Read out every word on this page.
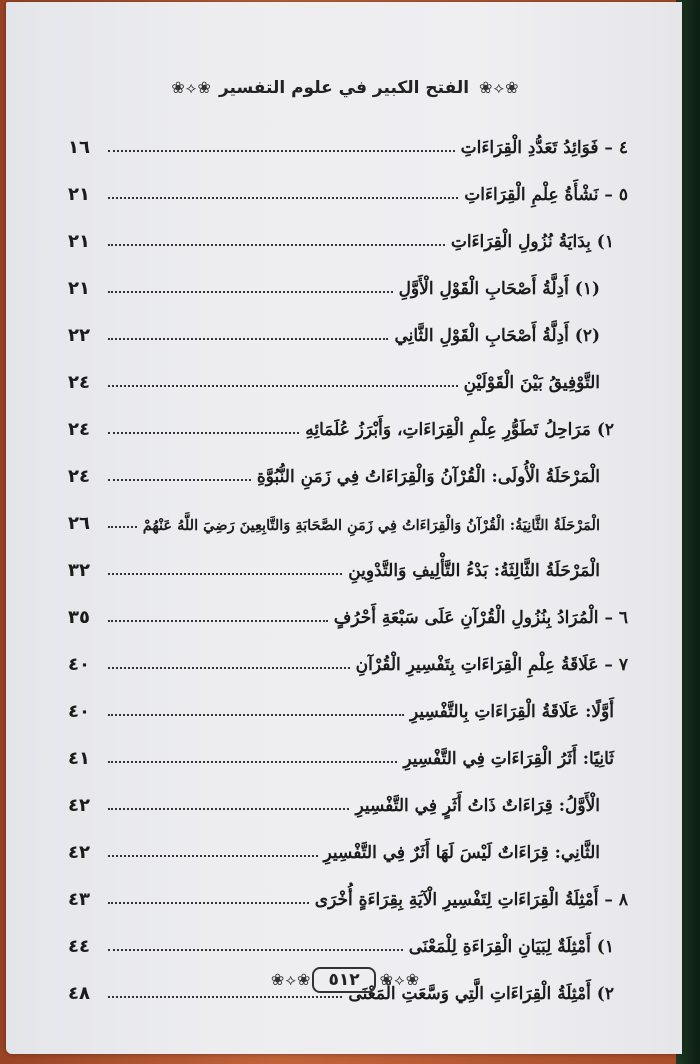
❀ ⟡ ❀
الفتح الكبير في علوم التفسير
❀ ⟡ ❀
٤ – فَوَائِدُ تَعَدُّدِ الْقِرَاءَاتِ
١٦
٥ – نَشْأَةُ عِلْمِ الْقِرَاءَاتِ
٢١
١) بِدَايَةُ نُزُولِ الْقِرَاءَاتِ
٢١
(١) أَدِلَّةُ أَصْحَابِ الْقَوْلِ الْأَوَّلِ
٢١
(٢) أَدِلَّةُ أَصْحَابِ الْقَوْلِ الثَّانِي
٢٢
التَّوْفِيقُ بَيْنَ الْقَوْلَيْنِ
٢٤
٢) مَرَاحِلُ تَطَوُّرِ عِلْمِ الْقِرَاءَاتِ، وَأَبْرَزُ عُلَمَائِهِ
٢٤
الْمَرْحَلَةُ الْأُولَى: الْقُرْآنُ وَالْقِرَاءَاتُ فِي زَمَنِ النُّبُوَّةِ
٢٤
الْمَرْحَلَةُ الثَّانِيَةُ: الْقُرْآنُ وَالْقِرَاءَاتُ فِي زَمَنِ الصَّحَابَةِ وَالتَّابِعِينَ رَضِيَ اللَّهُ عَنْهُمْ
٢٦
الْمَرْحَلَةُ الثَّالِثَةُ: بَدْءُ التَّأْلِيفِ وَالتَّدْوِينِ
٣٢
٦ – الْمُرَادُ بِنُزُولِ الْقُرْآنِ عَلَى سَبْعَةِ أَحْرُفٍ
٣٥
٧ – عَلَاقَةُ عِلْمِ الْقِرَاءَاتِ بِتَفْسِيرِ الْقُرْآنِ
٤٠
أَوَّلًا: عَلَاقَةُ الْقِرَاءَاتِ بِالتَّفْسِيرِ
٤٠
ثَانِيًا: أَثَرُ الْقِرَاءَاتِ فِي التَّفْسِيرِ
٤١
الْأَوَّلُ: قِرَاءَاتٌ ذَاتُ أَثَرٍ فِي التَّفْسِيرِ
٤٢
الثَّانِي: قِرَاءَاتٌ لَيْسَ لَهَا أَثَرٌ فِي التَّفْسِيرِ
٤٢
٨ – أَمْثِلَةُ الْقِرَاءَاتِ لِتَفْسِيرِ الْآيَةِ بِقِرَاءَةٍ أُخْرَى
٤٣
١) أَمْثِلَةٌ لِبَيَانِ الْقِرَاءَةِ لِلْمَعْنَى
٤٤
٢) أَمْثِلَةُ الْقِرَاءَاتِ الَّتِي وَسَّعَتِ الْمَعْنَى
٤٨
❀ ⟡ ❀
٥١٢
❀ ⟡ ❀
